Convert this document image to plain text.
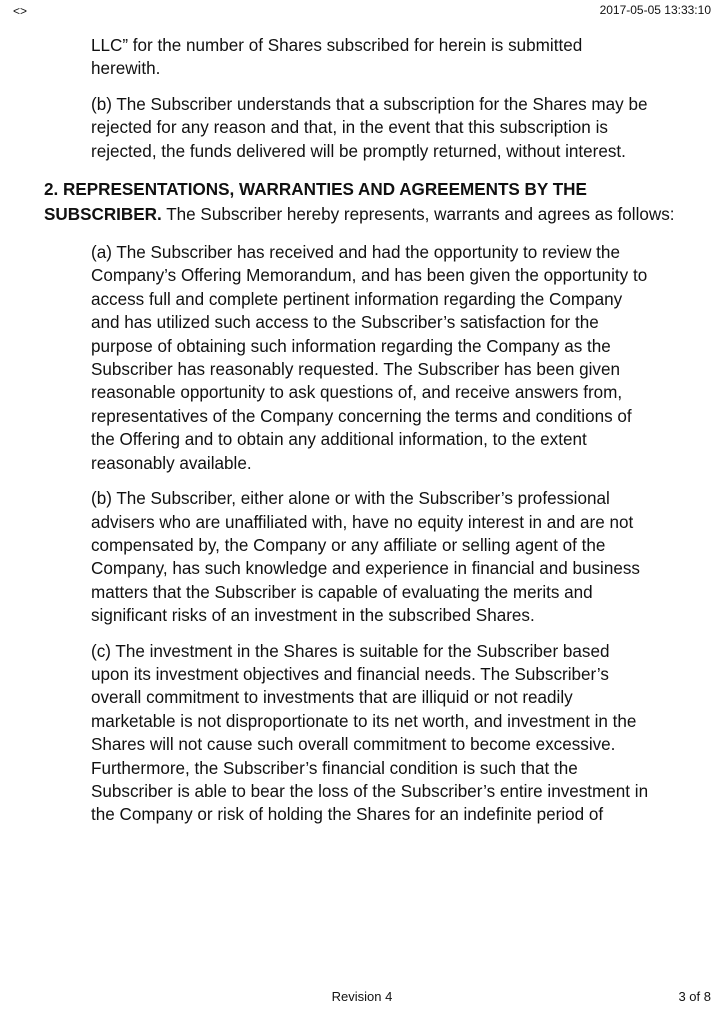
<>	2017-05-05 13:33:10

LLC” for the number of Shares subscribed for herein is submitted herewith.

(b) The Subscriber understands that a subscription for the Shares may be rejected for any reason and that, in the event that this subscription is rejected, the funds delivered will be promptly returned, without interest.

2. REPRESENTATIONS, WARRANTIES AND AGREEMENTS BY THE SUBSCRIBER. The Subscriber hereby represents, warrants and agrees as follows:

(a) The Subscriber has received and had the opportunity to review the Company’s Offering Memorandum, and has been given the opportunity to access full and complete pertinent information regarding the Company and has utilized such access to the Subscriber’s satisfaction for the purpose of obtaining such information regarding the Company as the Subscriber has reasonably requested. The Subscriber has been given reasonable opportunity to ask questions of, and receive answers from, representatives of the Company concerning the terms and conditions of the Offering and to obtain any additional information, to the extent reasonably available.

(b) The Subscriber, either alone or with the Subscriber’s professional advisers who are unaffiliated with, have no equity interest in and are not compensated by, the Company or any affiliate or selling agent of the Company, has such knowledge and experience in financial and business matters that the Subscriber is capable of evaluating the merits and significant risks of an investment in the subscribed Shares.

(c) The investment in the Shares is suitable for the Subscriber based upon its investment objectives and financial needs. The Subscriber’s overall commitment to investments that are illiquid or not readily marketable is not disproportionate to its net worth, and investment in the Shares will not cause such overall commitment to become excessive. Furthermore, the Subscriber’s financial condition is such that the Subscriber is able to bear the loss of the Subscriber’s entire investment in the Company or risk of holding the Shares for an indefinite period of

Revision 4	3 of 8
